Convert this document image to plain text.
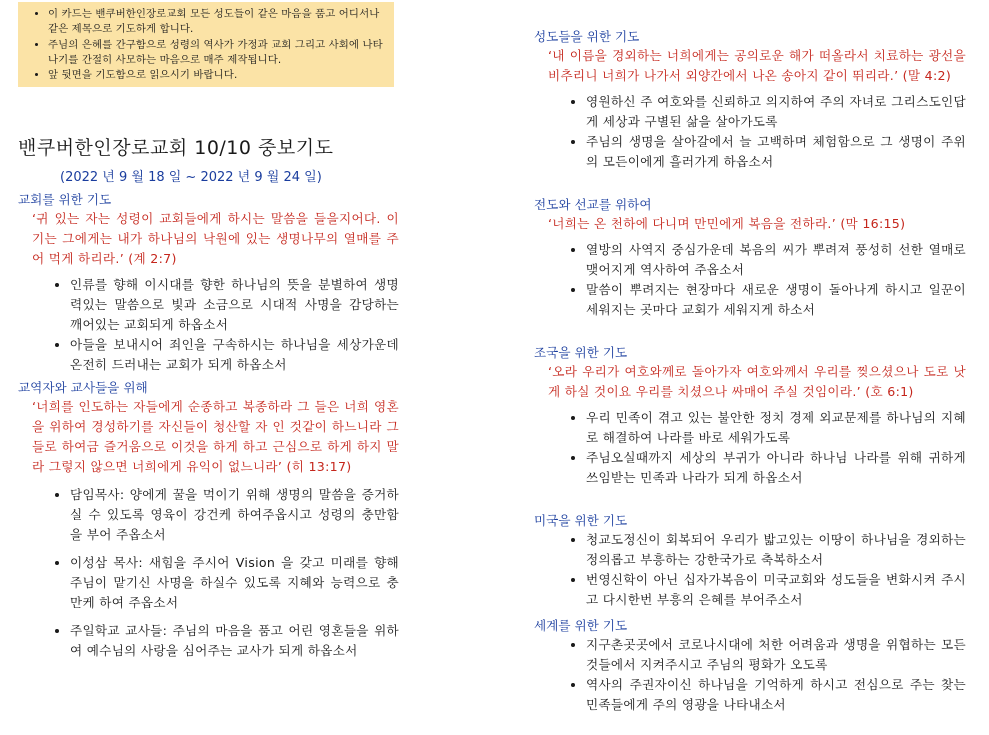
• 이 카드는 밴쿠버한인장로교회 모든 성도들이 같은 마음을 품고 어디서나 같은 제목으로 기도하게 합니다.
• 주님의 은혜를 간구함으로 성령의 역사가 가정과 교회 그리고 사회에 나타나기를 간절히 사모하는 마음으로 매주 제작됩니다.
• 앞 뒷면을 기도함으로 읽으시기 바랍니다.
밴쿠버한인장로교회 10/10 중보기도
(2022 년 9 월 18 일 ~ 2022 년 9 월 24 일)
교회를 위한 기도
‘귀 있는 자는 성령이 교회들에게 하시는 말씀을 들을지어다. 이기는 그에게는 내가 하나님의 낙원에 있는 생명나무의 열매를 주어 먹게 하리라.’ (계 2:7)
• 인류를 향해 이시대를 향한 하나님의 뜻을 분별하여 생명력있는 말씀으로 빛과 소금으로 시대적 사명을 감당하는 깨어있는 교회되게 하옵소서
• 아들을 보내시어 죄인을 구속하시는 하나님을 세상가운데 온전히 드러내는 교회가 되게 하옵소서
교역자와 교사들을 위해
‘너희를 인도하는 자들에게 순종하고 복종하라 그 들은 너희 영혼을 위하여 경성하기를 자신들이 청산할 자 인 것같이 하느니라 그들로 하여금 즐거움으로 이것을 하게 하고 근심으로 하게 하지 말라 그렇지 않으면 너희에게 유익이 없느니라’ (히 13:17)
• 담임목사: 양에게 꿀을 먹이기 위해 생명의 말씀을 증거하실 수 있도록 영육이 강건케 하여주옵시고 성령의 충만함을 부어 주옵소서
• 이성삼 목사: 새힘을 주시어 Vision 을 갖고 미래를 향해 주님이 맡기신 사명을 하실수 있도록 지혜와 능력으로 충만케 하여 주옵소서
• 주일학교 교사들: 주님의 마음을 품고 어린 영혼들을 위하여 예수님의 사랑을 심어주는 교사가 되게 하옵소서
성도들을 위한 기도
‘내 이름을 경외하는 너희에게는 공의로운 해가 떠올라서 치료하는 광선을 비추리니 너희가 나가서 외양간에서 나온 송아지 같이 뛰리라.’ (말 4:2)
• 영원하신 주 여호와를 신뢰하고 의지하여 주의 자녀로 그리스도인답게 세상과 구별된 삶을 살아가도록
• 주님의 생명을 살아갈에서 늘 고백하며 체험함으로 그 생명이 주위의 모든이에게 흘러가게 하옵소서
전도와 선교를 위하여
‘너희는 온 천하에 다니며 만민에게 복음을 전하라.’ (막 16:15)
• 열방의 사역지 중심가운데 복음의 씨가 뿌려져 풍성히 선한 열매로 맺어지게 역사하여 주옵소서
• 말씀이 뿌려지는 현장마다 새로운 생명이 돌아나게 하시고 일꾼이 세워지는 곳마다 교회가 세워지게 하소서
조국을 위한 기도
‘오라 우리가 여호와께로 돌아가자 여호와께서 우리를 찢으셨으나 도로 낫게 하실 것이요 우리를 치셨으나 싸매어 주실 것임이라.’ (호 6:1)
• 우리 민족이 겪고 있는 불안한 정치 경제 외교문제를 하나님의 지혜로 해결하여 나라를 바로 세워가도록
• 주님오실때까지 세상의 부귀가 아니라 하나님 나라를 위해 귀하게 쓰임받는 민족과 나라가 되게 하옵소서
미국을 위한 기도
• 청교도정신이 회복되어 우리가 밟고있는 이땅이 하나님을 경외하는 정의롭고 부흥하는 강한국가로 축복하소서
• 번영신학이 아닌 십자가복음이 미국교회와 성도들을 변화시켜 주시고 다시한번 부흥의 은혜를 부어주소서
세계를 위한 기도
• 지구촌곳곳에서 코로나시대에 처한 어려움과 생명을 위협하는 모든것들에서 지켜주시고 주님의 평화가 오도록
• 역사의 주권자이신 하나님을 기억하게 하시고 전심으로 주는 찾는 민족들에게 주의 영광을 나타내소서
